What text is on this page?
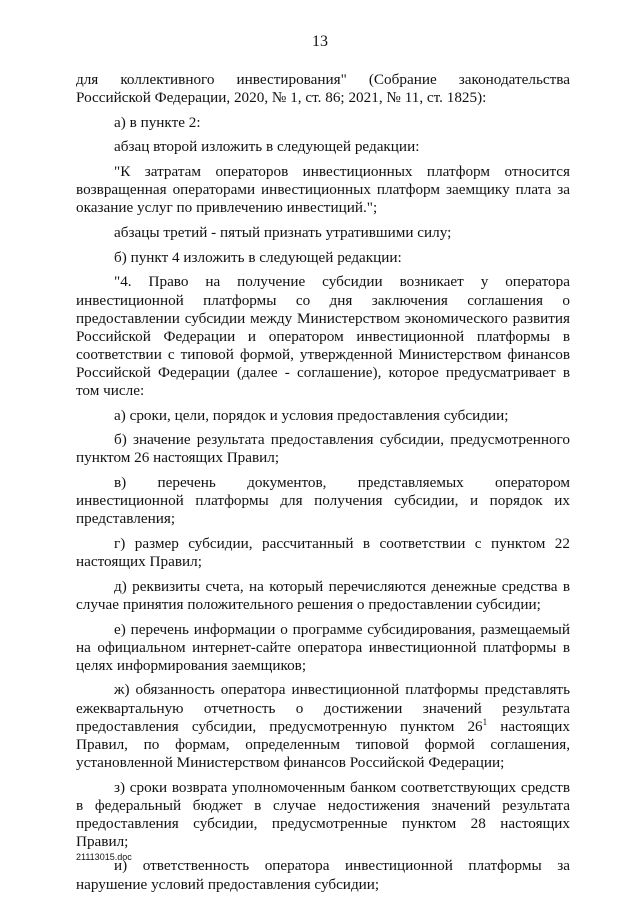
13

для коллективного инвестирования" (Собрание законодательства Российской Федерации, 2020, № 1, ст. 86; 2021, № 11, ст. 1825):

а) в пункте 2:

абзац второй изложить в следующей редакции:

"К затратам операторов инвестиционных платформ относится возвращенная операторами инвестиционных платформ заемщику плата за оказание услуг по привлечению инвестиций.";

абзацы третий - пятый признать утратившими силу;

б) пункт 4 изложить в следующей редакции:

"4. Право на получение субсидии возникает у оператора инвестиционной платформы со дня заключения соглашения о предоставлении субсидии между Министерством экономического развития Российской Федерации и оператором инвестиционной платформы в соответствии с типовой формой, утвержденной Министерством финансов Российской Федерации (далее - соглашение), которое предусматривает в том числе:

а) сроки, цели, порядок и условия предоставления субсидии;

б) значение результата предоставления субсидии, предусмотренного пунктом 26 настоящих Правил;

в) перечень документов, представляемых оператором инвестиционной платформы для получения субсидии, и порядок их представления;

г) размер субсидии, рассчитанный в соответствии с пунктом 22 настоящих Правил;

д) реквизиты счета, на который перечисляются денежные средства в случае принятия положительного решения о предоставлении субсидии;

е) перечень информации о программе субсидирования, размещаемый на официальном интернет-сайте оператора инвестиционной платформы в целях информирования заемщиков;

ж) обязанность оператора инвестиционной платформы представлять ежеквартальную отчетность о достижении значений результата предоставления субсидии, предусмотренную пунктом $26^1$ настоящих Правил, по формам, определенным типовой формой соглашения, установленной Министерством финансов Российской Федерации;

з) сроки возврата уполномоченным банком соответствующих средств в федеральный бюджет в случае недостижения значений результата предоставления субсидии, предусмотренные пунктом 28 настоящих Правил;

и) ответственность оператора инвестиционной платформы за нарушение условий предоставления субсидии;

21113015.doc
